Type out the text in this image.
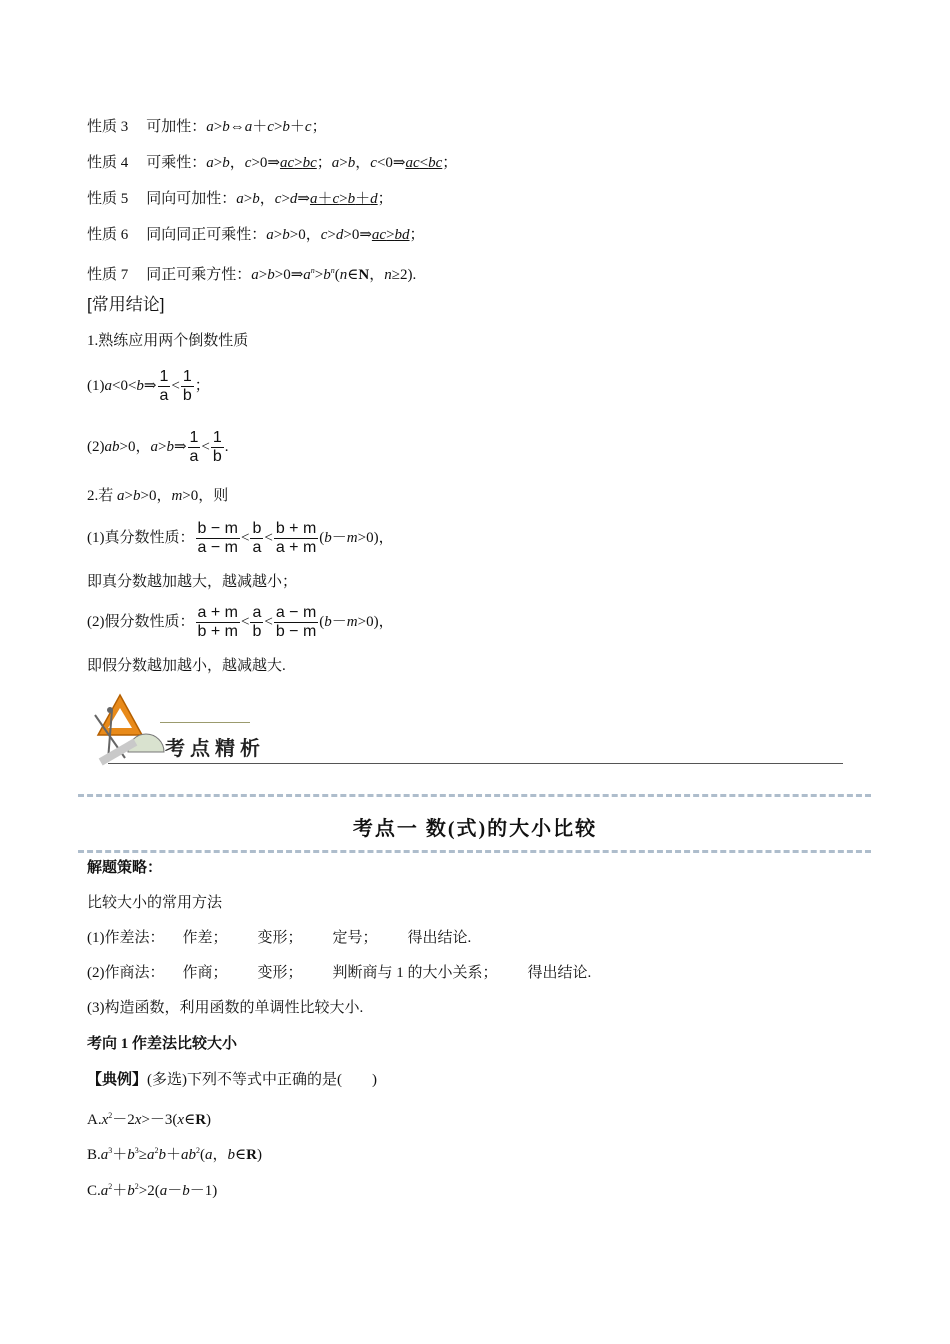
性质 3 可加性：a>b⇔a＋c>b＋c；
性质 4 可乘性：a>b，c>0⇒ac>bc；a>b，c<0⇒ac<bc；
性质 5 同向可加性：a>b，c>d⇒a＋c>b＋d；
性质 6 同向同正可乘性：a>b>0，c>d>0⇒ac>bd；
性质 7 同正可乘方性：$a>b>0\Rightarrow a^n>b^n(n\in N$，n≥2).
[常用结论]
1.熟练应用两个倒数性质
(1)a<0<b⇒ $\frac{1}{a} < \frac{1}{b}$ ；
(2)ab>0，a>b⇒ $\frac{1}{a} < \frac{1}{b}$ .
2.若 a>b>0，m>0，则
(1)真分数性质： $\frac{b - m}{a - m} < \frac{b}{a} < \frac{b + m}{a + m} (b-m>0)$，
即真分数越加越大，越减越小；
(2)假分数性质： $\frac{a + m}{b + m} < \frac{a}{b} < \frac{a - m}{b - m} (b-m>0)$，
即假分数越加越小，越减越大.
考点精析
考点一 数(式)的大小比较
解题策略：
比较大小的常用方法
(1)作差法： 作差； 变形； 定号； 得出结论.
(2)作商法： 作商； 变形； 判断商与 1 的大小关系； 得出结论.
(3)构造函数，利用函数的单调性比较大小.
考向 1 作差法比较大小
【典例】(多选)下列不等式中正确的是(　　)
$A.x^2-2x>-3(x\in R)$
$B.a^3+b^3\ge a^2b+ab^2(a$，b∈R)
$C.a^2+b^2>2(a-b-1)$
